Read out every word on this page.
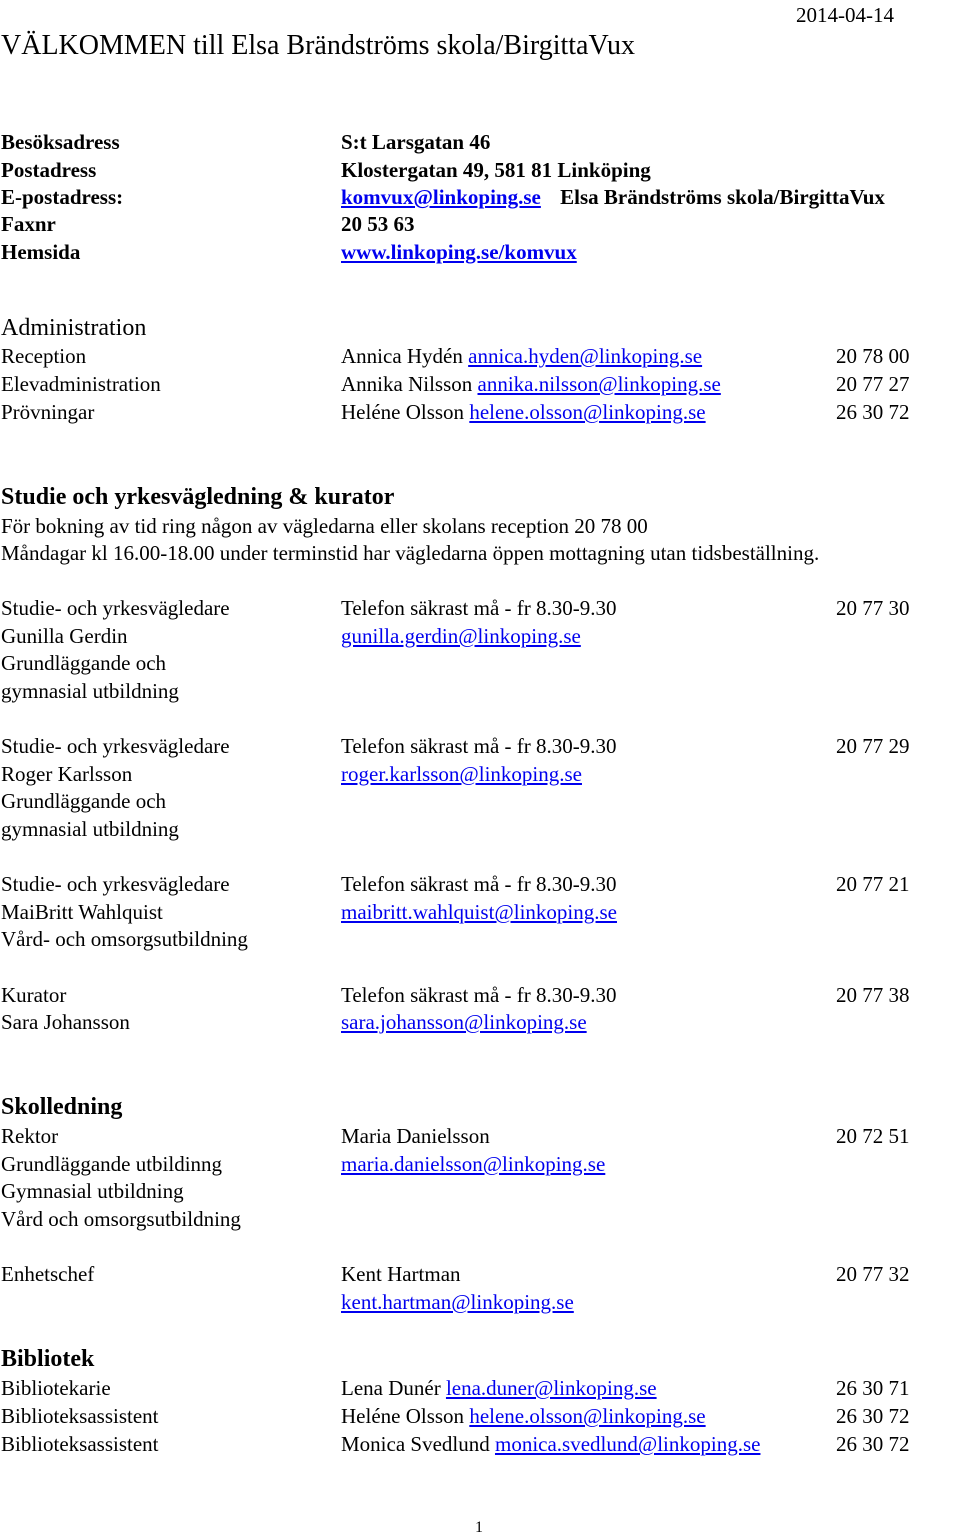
2014-04-14
VÄLKOMMEN till Elsa Brändströms skola/BirgittaVux
Besöksadress	S:t Larsgatan 46
Postadress	Klostergatan 49, 581 81 Linköping
E-postadress:	komvux@linkoping.se Elsa Brändströms skola/BirgittaVux
Faxnr	20 53 63
Hemsida	www.linkoping.se/komvux
Administration
Reception	Annica Hydén annica.hyden@linkoping.se	20 78 00
Elevadministration	Annika Nilsson annika.nilsson@linkoping.se	20 77 27
Prövningar	Heléne Olsson helene.olsson@linkoping.se	26 30 72
Studie och yrkesvägledning & kurator
För bokning av tid ring någon av vägledarna eller skolans reception 20 78 00
Måndagar kl 16.00-18.00 under terminstid har vägledarna öppen mottagning utan tidsbeställning.
Studie- och yrkesvägledare	Telefon säkrast må - fr 8.30-9.30	20 77 30
Gunilla Gerdin	gunilla.gerdin@linkoping.se
Grundläggande och
gymnasial utbildning
Studie- och yrkesvägledare	Telefon säkrast må - fr 8.30-9.30	20 77 29
Roger Karlsson	roger.karlsson@linkoping.se
Grundläggande och
gymnasial utbildning
Studie- och yrkesvägledare	Telefon säkrast må - fr 8.30-9.30	20 77 21
MaiBritt Wahlquist	maibritt.wahlquist@linkoping.se
Vård- och omsorgsutbildning
Kurator	Telefon säkrast må - fr 8.30-9.30	20 77 38
Sara Johansson	sara.johansson@linkoping.se
Skolledning
Rektor	Maria Danielsson	20 72 51
Grundläggande utbildinng	maria.danielsson@linkoping.se
Gymnasial utbildning
Vård och omsorgsutbildning
Enhetschef	Kent Hartman	20 77 32
kent.hartman@linkoping.se
Bibliotek
Bibliotekarie	Lena Dunér lena.duner@linkoping.se	26 30 71
Biblioteksassistent	Heléne Olsson helene.olsson@linkoping.se	26 30 72
Biblioteksassistent	Monica Svedlund monica.svedlund@linkoping.se	26 30 72
1
